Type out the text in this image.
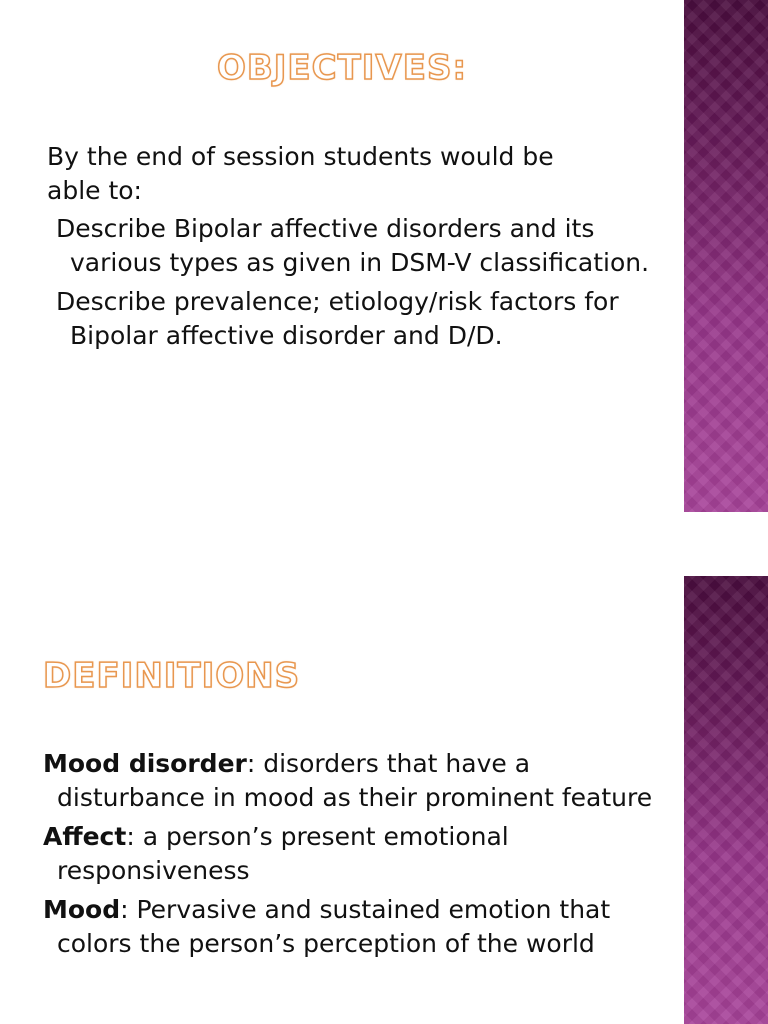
OBJECTIVES:
By the end of session students would be able to:
Describe Bipolar affective disorders and its various types as given in DSM-V classification.
Describe prevalence; etiology/risk factors for Bipolar affective disorder and D/D.
DEFINITIONS
Mood disorder: disorders that have a disturbance in mood as their prominent feature
Affect: a person’s present emotional responsiveness
Mood: Pervasive and sustained emotion that colors the person’s perception of the world
